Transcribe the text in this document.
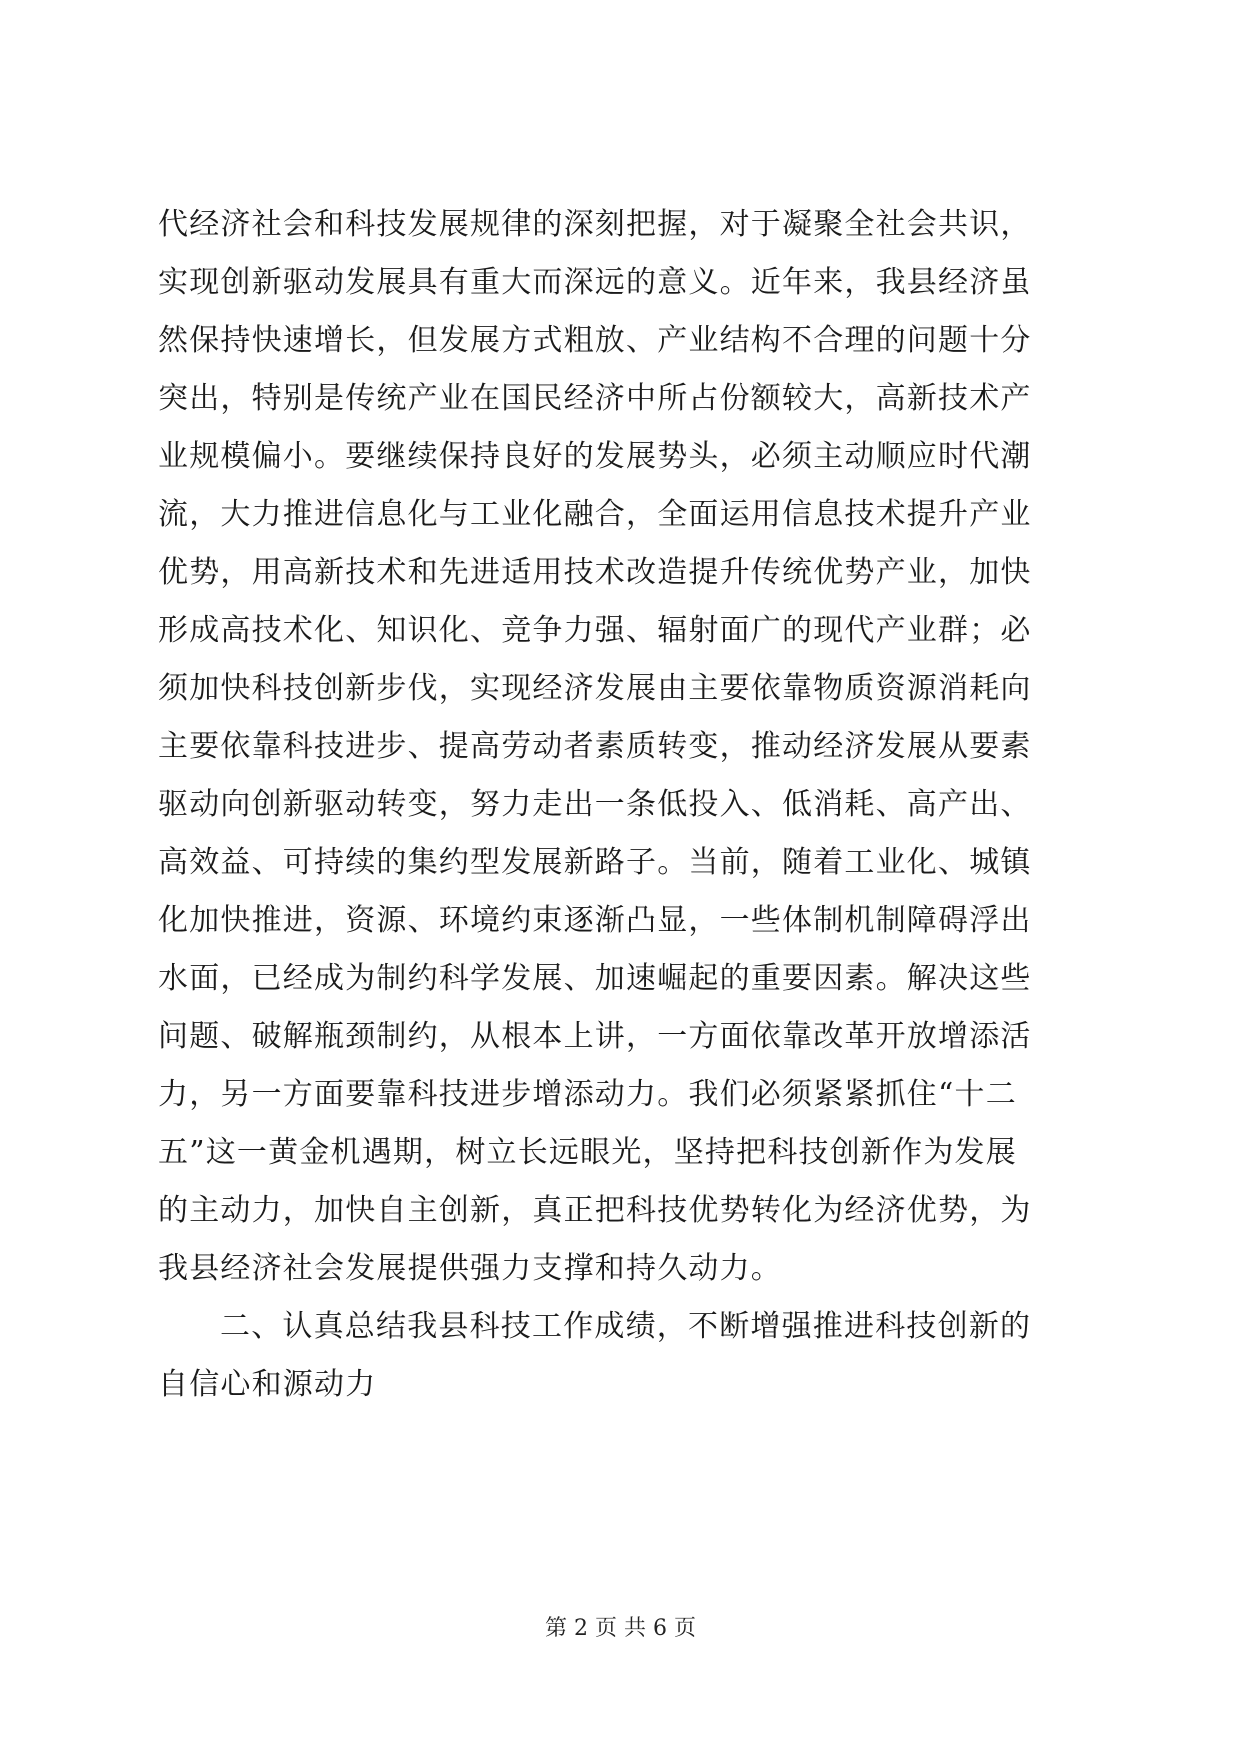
代经济社会和科技发展规律的深刻把握，对于凝聚全社会共识，
实现创新驱动发展具有重大而深远的意义。近年来，我县经济虽
然保持快速增长，但发展方式粗放、产业结构不合理的问题十分
突出，特别是传统产业在国民经济中所占份额较大，高新技术产
业规模偏小。要继续保持良好的发展势头，必须主动顺应时代潮
流，大力推进信息化与工业化融合，全面运用信息技术提升产业
优势，用高新技术和先进适用技术改造提升传统优势产业，加快
形成高技术化、知识化、竞争力强、辐射面广的现代产业群；必
须加快科技创新步伐，实现经济发展由主要依靠物质资源消耗向
主要依靠科技进步、提高劳动者素质转变，推动经济发展从要素
驱动向创新驱动转变，努力走出一条低投入、低消耗、高产出、
高效益、可持续的集约型发展新路子。当前，随着工业化、城镇
化加快推进，资源、环境约束逐渐凸显，一些体制机制障碍浮出
水面，已经成为制约科学发展、加速崛起的重要因素。解决这些
问题、破解瓶颈制约，从根本上讲，一方面依靠改革开放增添活
力，另一方面要靠科技进步增添动力。我们必须紧紧抓住“十二
五”这一黄金机遇期，树立长远眼光，坚持把科技创新作为发展
的主动力，加快自主创新，真正把科技优势转化为经济优势，为
我县经济社会发展提供强力支撑和持久动力。
二、认真总结我县科技工作成绩，不断增强推进科技创新的
自信心和源动力
第 2 页 共 6 页
